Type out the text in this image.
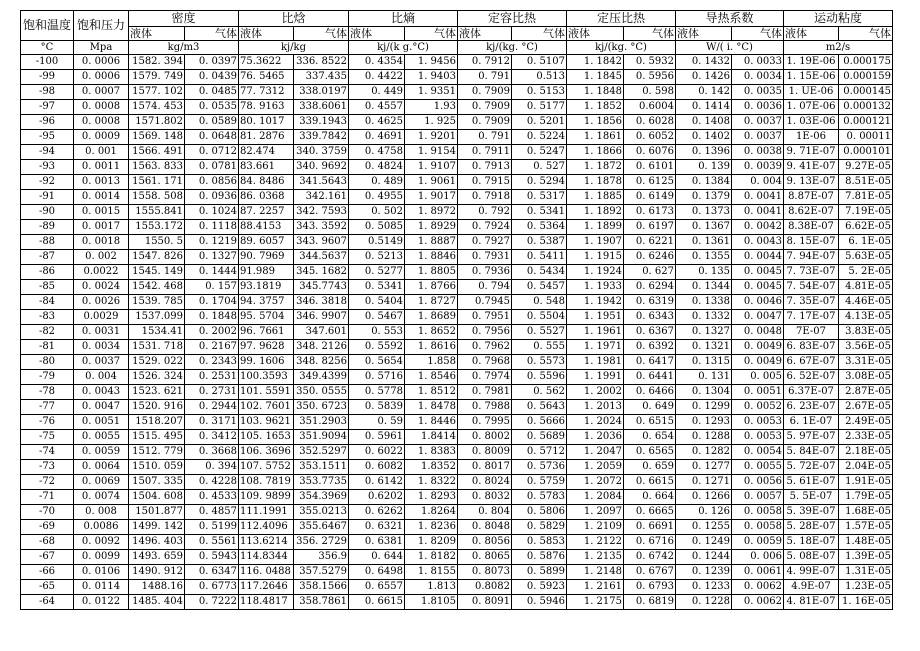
饱和温度	饱和压力	密度		比焓		比熵		定容比热		定压比热		导热系数		运动粘度	
		液体	气体	液体	气体	液体	气体	液体	气体	液体	气体	液体	气体	液体	气体
°C	Mpa	kg/m3		kj/kg		kj/(k g.°C)		kj/(kg. °C)		kj/(kg. °C)		W/( i. °C)		m2/s	
-100	0. 0006	1582. 394	0. 0397	75.3622	336. 8522	0. 4354	1. 9456	0. 7912	0. 5107	1. 1842	0. 5932	0. 1432	0. 0033	1. 19E-06	0.000175
-99	0. 0006	1579. 749	0. 0439	76. 5465	337.435	0. 4422	1. 9403	0. 791	0.513	1. 1845	0. 5956	0. 1426	0. 0034	1. 15E-06	0.000159
-98	0. 0007	1577. 102	0. 0485	77. 7312	338.0197	0. 449	1. 9351	0. 7909	0. 5153	1. 1848	0. 598	0. 142	0. 0035	1. UE-06	0.000145
-97	0. 0008	1574. 453	0. 0535	78. 9163	338.6061	0. 4557	1.93	0. 7909	0. 5177	1. 1852	0.6004	0. 1414	0. 0036	1. 07E-06	0.000132
-96	0. 0008	1571.802	0. 0589	80. 1017	339.1943	0. 4625	1. 925	0. 7909	0. 5201	1. 1856	0. 6028	0. 1408	0. 0037	1. 03E-06	0.000121
-95	0. 0009	1569. 148	0. 0648	81. 2876	339.7842	0. 4691	1. 9201	0. 791	0. 5224	1. 1861	0. 6052	0. 1402	0. 0037	1E-06	0. 00011
-94	0. 001	1566. 491	0. 0712	82.474	340. 3759	0. 4758	1. 9154	0. 7911	0. 5247	1. 1866	0. 6076	0. 1396	0. 0038	9. 71E-07	0.000101
-93	0. 0011	1563. 833	0. 0781	83.661	340. 9692	0. 4824	1. 9107	0. 7913	0. 527	1. 1872	0. 6101	0. 139	0. 0039	9. 41E-07	9.27E-05
-92	0. 0013	1561. 171	0. 0856	84. 8486	341.5643	0. 489	1. 9061	0. 7915	0. 5294	1. 1878	0. 6125	0. 1384	0. 004	9. 13E-07	8.51E-05
-91	0. 0014	1558. 508	0. 0936	86. 0368	342.161	0. 4955	1. 9017	0. 7918	0. 5317	1. 1885	0. 6149	0. 1379	0. 0041	8.87E-07	7.81E-05
-90	0. 0015	1555.841	0. 1024	87. 2257	342. 7593	0. 502	1. 8972	0. 792	0. 5341	1. 1892	0. 6173	0. 1373	0. 0041	8.62E-07	7.19E-05
-89	0. 0017	1553.172	0. 1118	88.4153	343. 3592	0. 5085	1. 8929	0. 7924	0. 5364	1. 1899	0. 6197	0. 1367	0. 0042	8.38E-07	6.62E-05
-88	0. 0018	1550. 5	0. 1219	89. 6057	343. 9607	0.5149	1. 8887	0. 7927	0. 5387	1. 1907	0. 6221	0. 1361	0. 0043	8. 15E-07	6. 1E-05
-87	0. 002	1547. 826	0. 1327	90. 7969	344.5637	0. 5213	1. 8846	0. 7931	0. 5411	1. 1915	0. 6246	0. 1355	0. 0044	7. 94E-07	5.63E-05
-86	0.0022	1545. 149	0. 1444	91.989	345. 1682	0. 5277	1. 8805	0. 7936	0. 5434	1. 1924	0. 627	0. 135	0. 0045	7. 73E-07	5. 2E-05
-85	0. 0024	1542. 468	0. 157	93.1819	345.7743	0. 5341	1. 8766	0. 794	0. 5457	1. 1933	0. 6294	0. 1344	0. 0045	7. 54E-07	4.81E-05
-84	0. 0026	1539. 785	0. 1704	94. 3757	346. 3818	0. 5404	1. 8727	0.7945	0. 548	1. 1942	0. 6319	0. 1338	0. 0046	7. 35E-07	4.46E-05
-83	0.0029	1537.099	0. 1848	95. 5704	346. 9907	0. 5467	1. 8689	0. 7951	0. 5504	1. 1951	0. 6343	0. 1332	0. 0047	7. 17E-07	4.13E-05
-82	0. 0031	1534.41	0. 2002	96. 7661	347.601	0. 553	1. 8652	0. 7956	0. 5527	1. 1961	0. 6367	0. 1327	0. 0048	7E-07	3.83E-05
-81	0. 0034	1531. 718	0. 2167	97. 9628	348. 2126	0. 5592	1. 8616	0. 7962	0. 555	1. 1971	0. 6392	0. 1321	0. 0049	6. 83E-07	3.56E-05
-80	0. 0037	1529. 022	0. 2343	99. 1606	348. 8256	0. 5654	1.858	0. 7968	0. 5573	1. 1981	0. 6417	0. 1315	0. 0049	6. 67E-07	3.31E-05
-79	0. 004	1526. 324	0. 2531	100.3593	349.4399	0. 5716	1. 8546	0. 7974	0. 5596	1. 1991	0. 6441	0. 131	0. 005	6. 52E-07	3.08E-05
-78	0. 0043	1523. 621	0. 2731	101. 5591	350. 0555	0. 5778	1. 8512	0. 7981	0. 562	1. 2002	0. 6466	0. 1304	0. 0051	6.37E-07	2.87E-05
-77	0. 0047	1520. 916	0. 2944	102. 7601	350. 6723	0. 5839	1. 8478	0. 7988	0. 5643	1. 2013	0. 649	0. 1299	0. 0052	6. 23E-07	2.67E-05
-76	0. 0051	1518.207	0. 3171	103. 9621	351.2903	0. 59	1. 8446	0. 7995	0. 5666	1. 2024	0. 6515	0. 1293	0. 0053	6. 1E-07	2.49E-05
-75	0. 0055	1515. 495	0. 3412	105. 1653	351.9094	0. 5961	1.8414	0. 8002	0. 5689	1. 2036	0. 654	0. 1288	0. 0053	5. 97E-07	2.33E-05
-74	0. 0059	1512. 779	0. 3668	106. 3696	352.5297	0. 6022	1. 8383	0. 8009	0. 5712	1. 2047	0. 6565	0. 1282	0. 0054	5. 84E-07	2.18E-05
-73	0. 0064	1510. 059	0. 394	107. 5752	353.1511	0. 6082	1.8352	0. 8017	0. 5736	1. 2059	0. 659	0. 1277	0. 0055	5. 72E-07	2.04E-05
-72	0. 0069	1507. 335	0. 4228	108. 7819	353.7735	0. 6142	1. 8322	0. 8024	0. 5759	1. 2072	0. 6615	0. 1271	0. 0056	5. 61E-07	1.91E-05
-71	0. 0074	1504. 608	0. 4533	109. 9899	354.3969	0.6202	1. 8293	0. 8032	0. 5783	1. 2084	0. 664	0. 1266	0. 0057	5. 5E-07	1.79E-05
-70	0. 008	1501.877	0. 4857	111.1991	355.0213	0. 6262	1.8264	0. 804	0. 5806	1. 2097	0. 6665	0. 126	0. 0058	5. 39E-07	1.68E-05
-69	0.0086	1499. 142	0. 5199	112.4096	355.6467	0. 6321	1. 8236	0. 8048	0. 5829	1. 2109	0. 6691	0. 1255	0. 0058	5. 28E-07	1.57E-05
-68	0. 0092	1496. 403	0. 5561	113.6214	356. 2729	0. 6381	1. 8209	0. 8056	0. 5853	1. 2122	0. 6716	0. 1249	0. 0059	5. 18E-07	1.48E-05
-67	0. 0099	1493. 659	0. 5943	114.8344	356.9	0. 644	1. 8182	0. 8065	0. 5876	1. 2135	0. 6742	0. 1244	0. 006	5. 08E-07	1.39E-05
-66	0. 0106	1490. 912	0. 6347	116. 0488	357.5279	0. 6498	1. 8155	0. 8073	0. 5899	1. 2148	0. 6767	0. 1239	0. 0061	4. 99E-07	1.31E-05
-65	0. 0114	1488.16	0. 6773	117.2646	358.1566	0. 6557	1.813	0.8082	0. 5923	1. 2161	0. 6793	0. 1233	0. 0062	4.9E-07	1.23E-05
-64	0. 0122	1485. 404	0. 7222	118.4817	358.7861	0. 6615	1.8105	0. 8091	0. 5946	1. 2175	0. 6819	0. 1228	0. 0062	4. 81E-07	1. 16E-05
